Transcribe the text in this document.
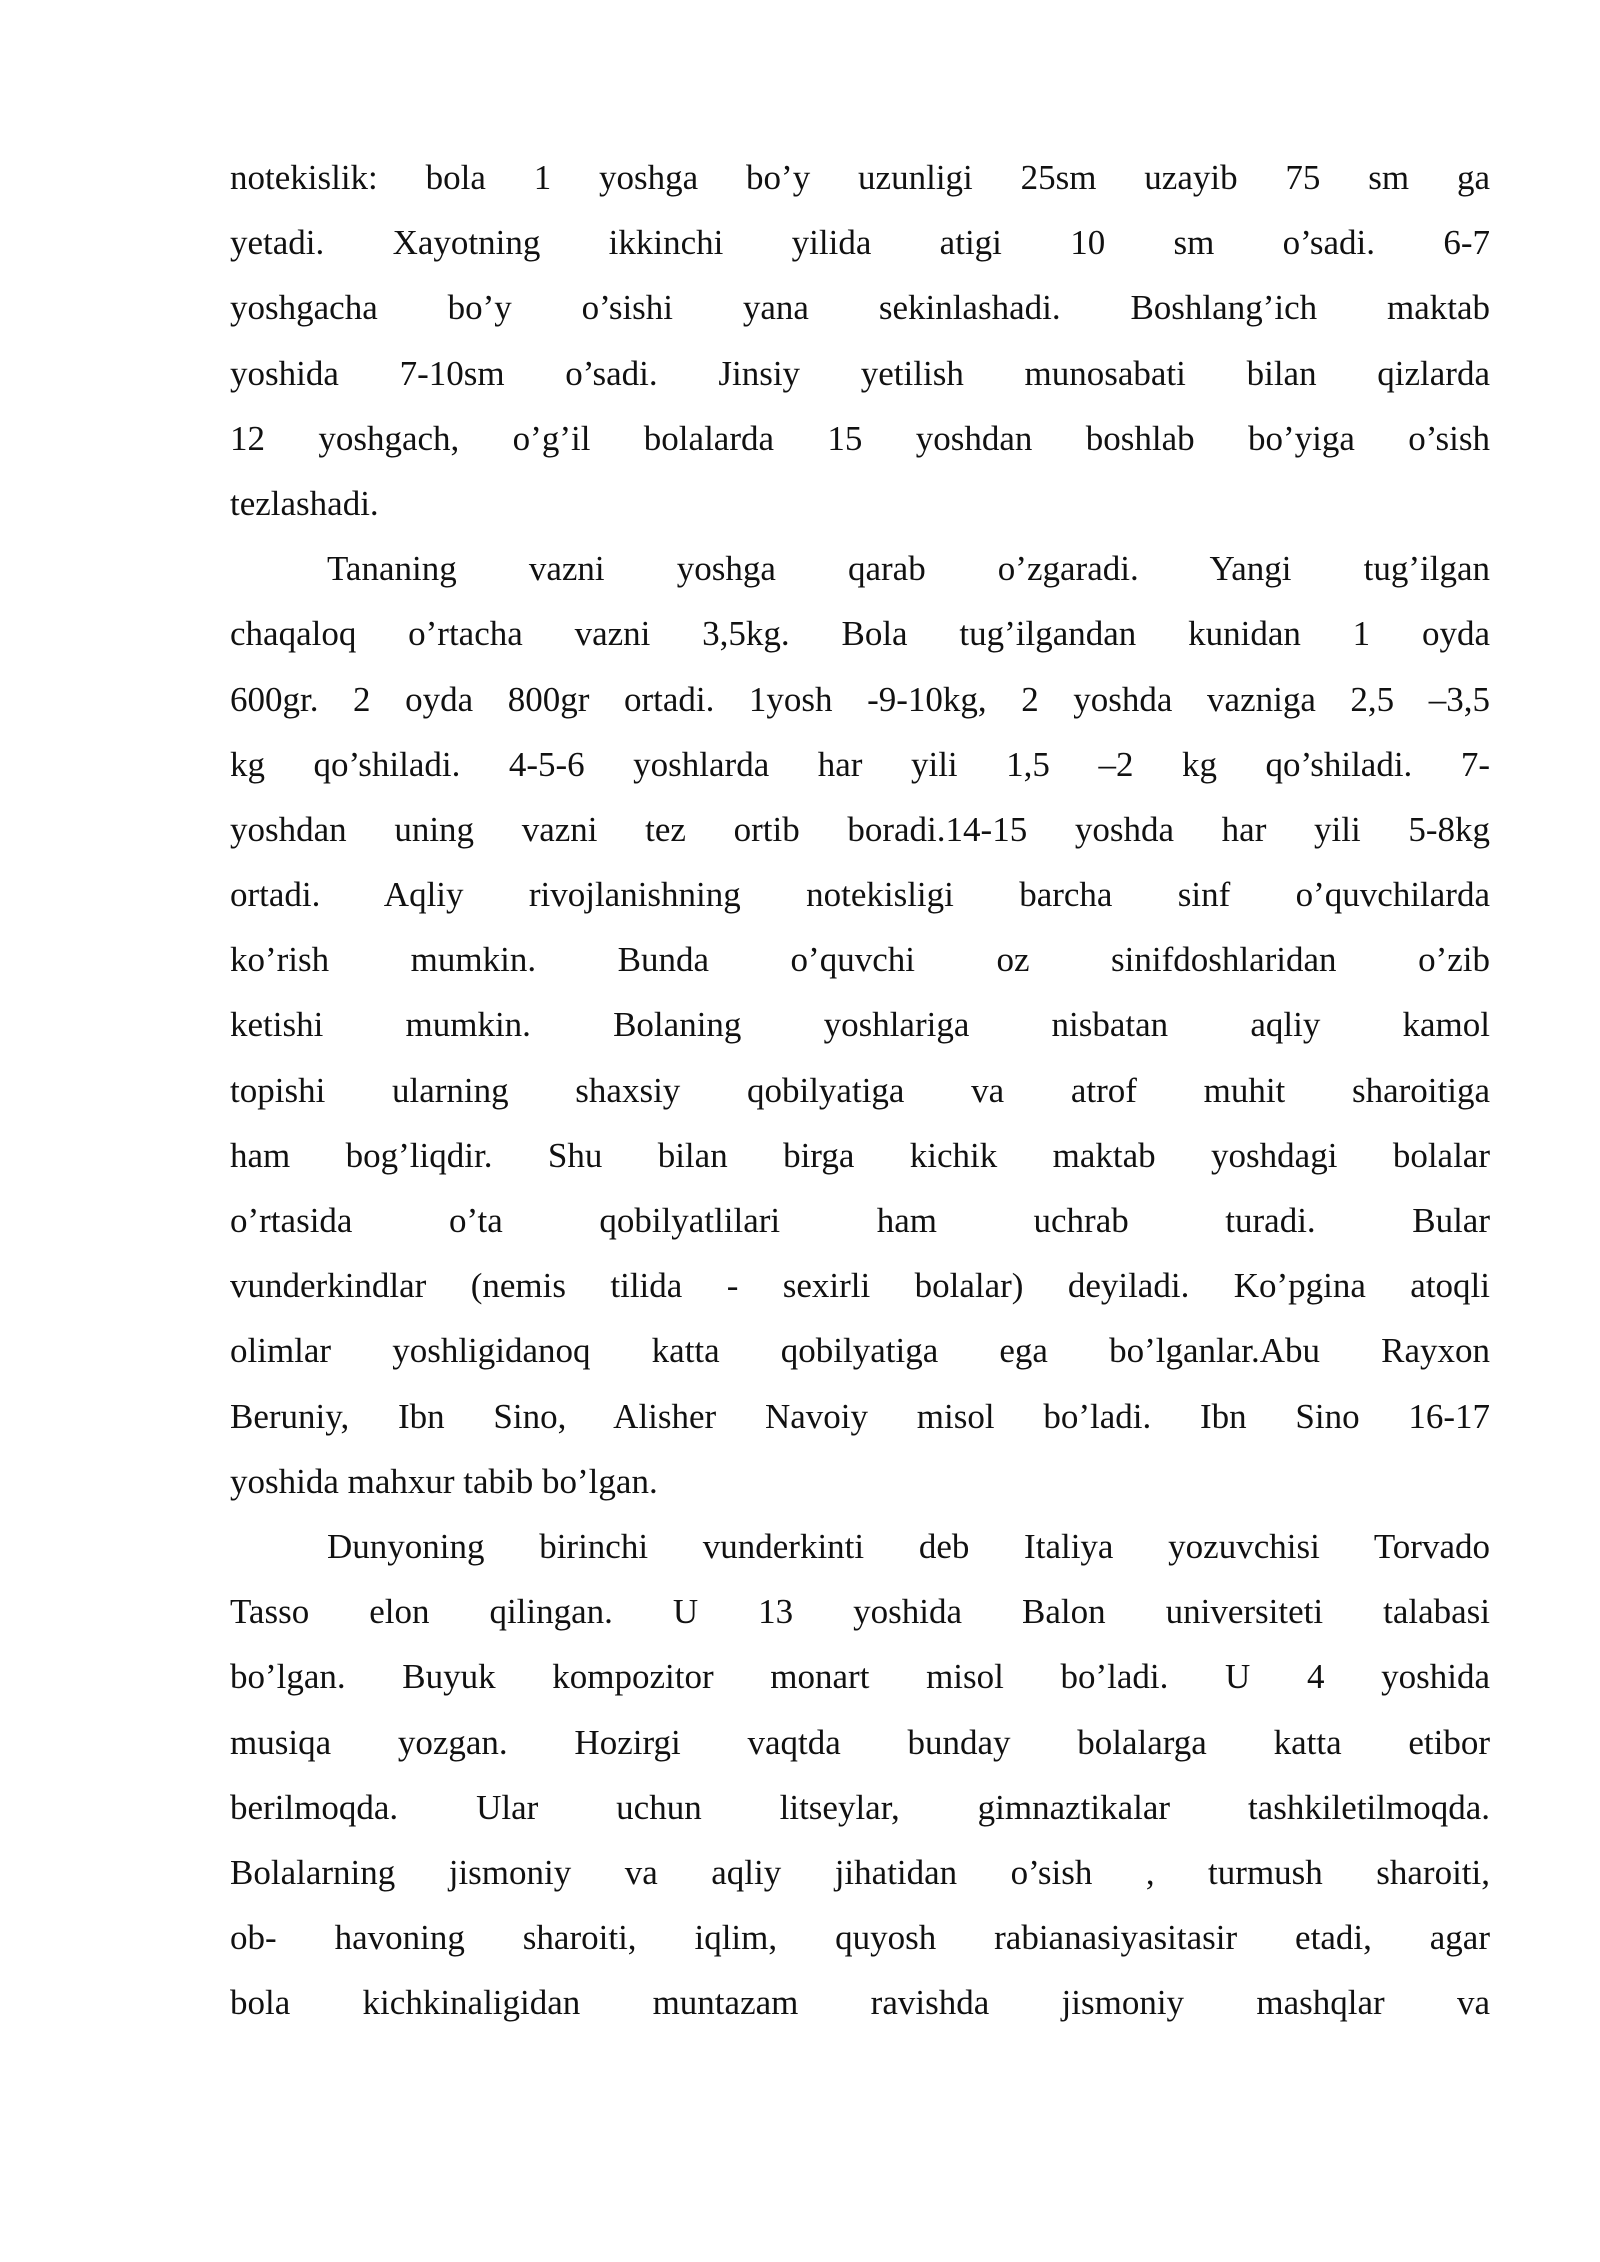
notekislik: bola 1 yoshga bo’y uzunligi 25sm uzayib 75 sm ga
yetadi. Xayotning ikkinchi yilida atigi 10 sm o’sadi. 6-7
yoshgacha bo’y o’sishi yana sekinlashadi. Boshlang’ich maktab
yoshida 7-10sm o’sadi. Jinsiy yetilish munosabati bilan qizlarda
12 yoshgach, o’g’il bolalarda 15 yoshdan boshlab bo’yiga o’sish
tezlashadi.
Tananing vazni yoshga qarab o’zgaradi. Yangi tug’ilgan
chaqaloq o’rtacha vazni 3,5kg. Bola tug’ilgandan kunidan 1 oyda
600gr. 2 oyda 800gr ortadi. 1yosh -9-10kg, 2 yoshda vazniga 2,5 –3,5
kg qo’shiladi. 4-5-6 yoshlarda har yili 1,5 –2 kg qo’shiladi. 7-
yoshdan uning vazni tez ortib boradi.14-15 yoshda har yili 5-8kg
ortadi. Aqliy rivojlanishning notekisligi barcha sinf o’quvchilarda
ko’rish mumkin. Bunda o’quvchi oz sinifdoshlaridan o’zib
ketishi mumkin. Bolaning yoshlariga nisbatan aqliy kamol
topishi ularning shaxsiy qobilyatiga va atrof muhit sharoitiga
ham bog’liqdir. Shu bilan birga kichik maktab yoshdagi bolalar
o’rtasida o’ta qobilyatlilari ham uchrab turadi. Bular
vunderkindlar (nemis tilida - sexirli bolalar) deyiladi. Ko’pgina atoqli
olimlar yoshligidanoq katta qobilyatiga ega bo’lganlar.Abu Rayxon
Beruniy, Ibn Sino, Alisher Navoiy misol bo’ladi. Ibn Sino 16-17
yoshida mahxur tabib bo’lgan.
Dunyoning birinchi vunderkinti deb Italiya yozuvchisi Torvado
Tasso elon qilingan. U 13 yoshida Balon universiteti talabasi
bo’lgan. Buyuk kompozitor monart misol bo’ladi. U 4 yoshida
musiqa yozgan. Hozirgi vaqtda bunday bolalarga katta etibor
berilmoqda. Ular uchun litseylar, gimnaztikalar tashkiletilmoqda.
Bolalarning jismoniy va aqliy jihatidan o’sish , turmush sharoiti,
ob- havoning sharoiti, iqlim, quyosh rabianasiyasitasir etadi, agar
bola kichkinaligidan muntazam ravishda jismoniy mashqlar va
